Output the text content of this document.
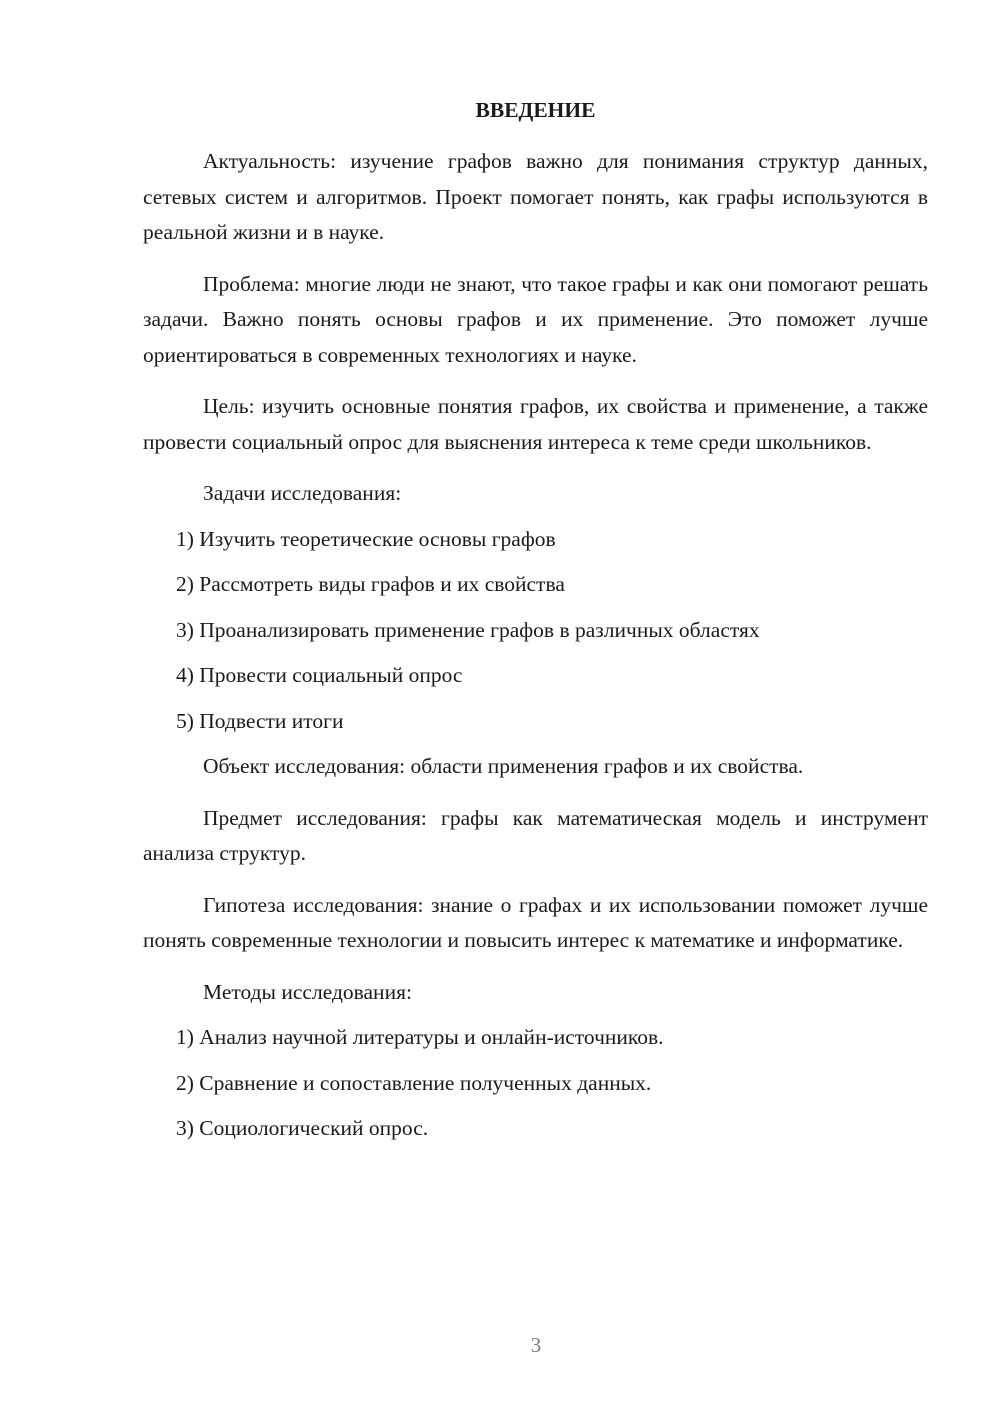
ВВЕДЕНИЕ

Актуальность: изучение графов важно для понимания структур данных, сетевых систем и алгоритмов. Проект помогает понять, как графы используются в реальной жизни и в науке.

Проблема: многие люди не знают, что такое графы и как они помогают решать задачи. Важно понять основы графов и их применение. Это поможет лучше ориентироваться в современных технологиях и науке.

Цель: изучить основные понятия графов, их свойства и применение, а также провести социальный опрос для выяснения интереса к теме среди школьников.

Задачи исследования:
1) Изучить теоретические основы графов
2) Рассмотреть виды графов и их свойства
3) Проанализировать применение графов в различных областях
4) Провести социальный опрос
5) Подвести итоги

Объект исследования: области применения графов и их свойства.

Предмет исследования: графы как математическая модель и инструмент анализа структур.

Гипотеза исследования: знание о графах и их использовании поможет лучше понять современные технологии и повысить интерес к математике и информатике.

Методы исследования:
1) Анализ научной литературы и онлайн-источников.
2) Сравнение и сопоставление полученных данных.
3) Социологический опрос.
3
